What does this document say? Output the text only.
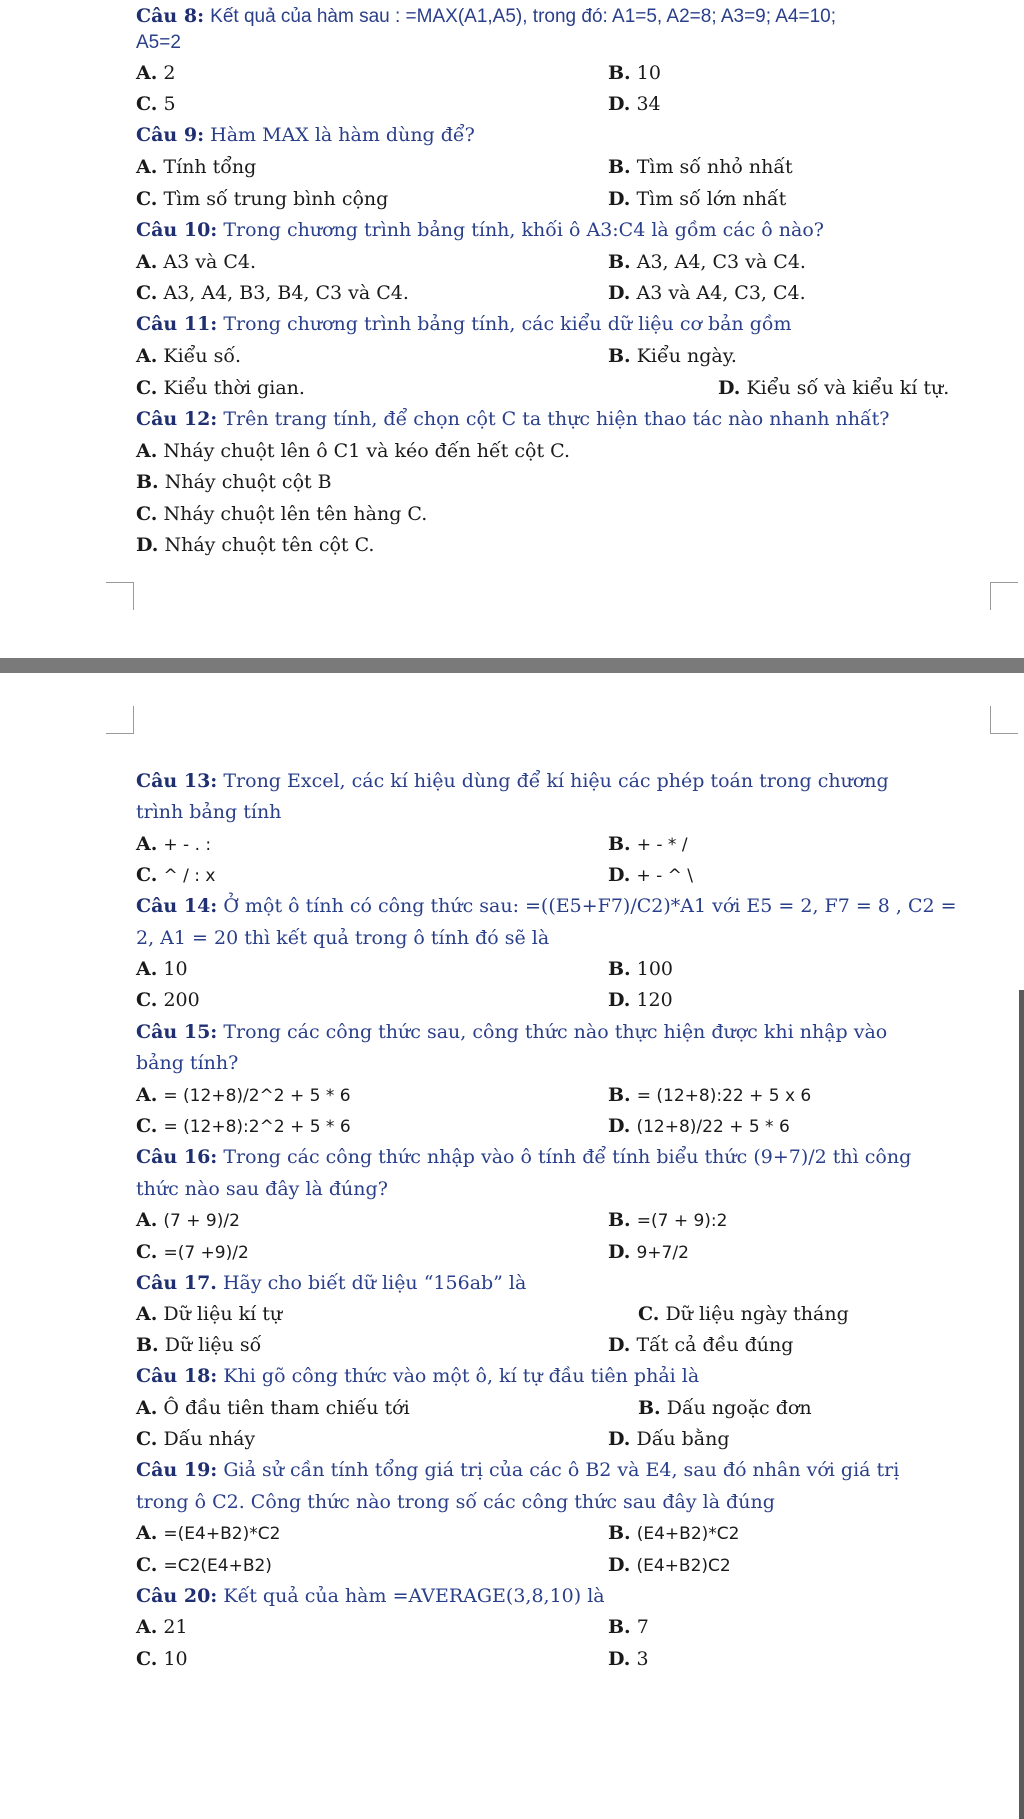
Câu 8: Kết quả của hàm sau : =MAX(A1,A5), trong đó: A1=5, A2=8; A3=9; A4=10;
A5=2
A. 2	B. 10
C. 5	D. 34
Câu 9: Hàm MAX là hàm dùng để?
A. Tính tổng	B. Tìm số nhỏ nhất
C. Tìm số trung bình cộng	D. Tìm số lớn nhất
Câu 10: Trong chương trình bảng tính, khối ô A3:C4 là gồm các ô nào?
A. A3 và C4.	B. A3, A4, C3 và C4.
C. A3, A4, B3, B4, C3 và C4.	D. A3 và A4, C3, C4.
Câu 11: Trong chương trình bảng tính, các kiểu dữ liệu cơ bản gồm
A. Kiểu số.	B. Kiểu ngày.
C. Kiểu thời gian.	D. Kiểu số và kiểu kí tự.
Câu 12: Trên trang tính, để chọn cột C ta thực hiện thao tác nào nhanh nhất?
A. Nháy chuột lên ô C1 và kéo đến hết cột C.
B. Nháy chuột cột B
C. Nháy chuột lên tên hàng C.
D. Nháy chuột tên cột C.
Câu 13: Trong Excel, các kí hiệu dùng để kí hiệu các phép toán trong chương
trình bảng tính
A. + - . :	B. + - * /
C. ^ / : x	D. + - ^ \
Câu 14: Ở một ô tính có công thức sau: =((E5+F7)/C2)*A1 với E5 = 2, F7 = 8 , C2 =
2, A1 = 20 thì kết quả trong ô tính đó sẽ là
A. 10	B. 100
C. 200	D. 120
Câu 15: Trong các công thức sau, công thức nào thực hiện được khi nhập vào
bảng tính?
A. = (12+8)/2^2 + 5 * 6	B. = (12+8):22 + 5 x 6
C. = (12+8):2^2 + 5 * 6	D. (12+8)/22 + 5 * 6
Câu 16: Trong các công thức nhập vào ô tính để tính biểu thức (9+7)/2 thì công
thức nào sau đây là đúng?
A. (7 + 9)/2	B. =(7 + 9):2
C. =(7 +9)/2	D. 9+7/2
Câu 17. Hãy cho biết dữ liệu “156ab” là
A. Dữ liệu kí tự	C. Dữ liệu ngày tháng
B. Dữ liệu số	D. Tất cả đều đúng
Câu 18: Khi gõ công thức vào một ô, kí tự đầu tiên phải là
A. Ô đầu tiên tham chiếu tới	B. Dấu ngoặc đơn
C. Dấu nháy	D. Dấu bằng
Câu 19: Giả sử cần tính tổng giá trị của các ô B2 và E4, sau đó nhân với giá trị
trong ô C2. Công thức nào trong số các công thức sau đây là đúng
A. =(E4+B2)*C2	B. (E4+B2)*C2
C. =C2(E4+B2)	D. (E4+B2)C2
Câu 20: Kết quả của hàm =AVERAGE(3,8,10) là
A. 21	B. 7
C. 10	D. 3
